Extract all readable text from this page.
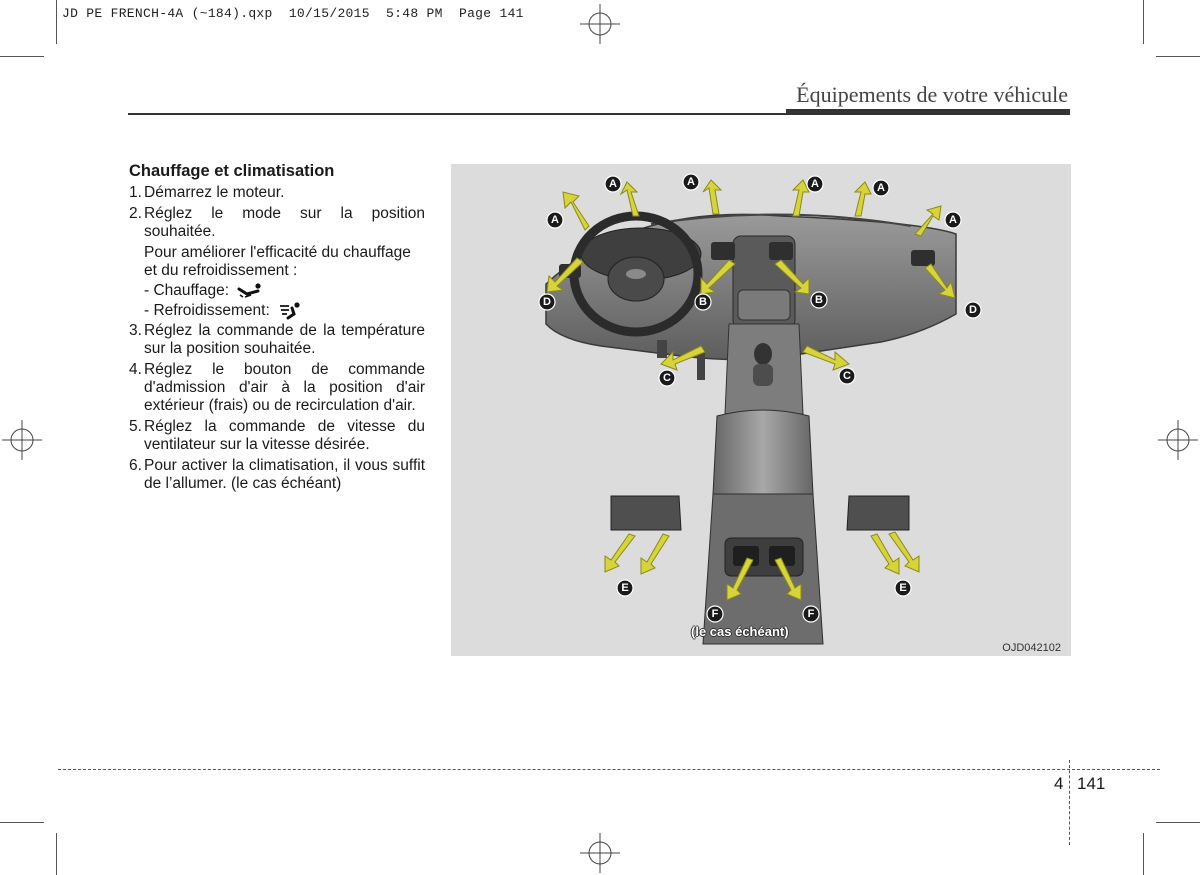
JD PE FRENCH-4A (~184).qxp  10/15/2015  5:48 PM  Page 141
Équipements de votre véhicule
Chauffage et climatisation
1. Démarrez le moteur.
2. Réglez le mode sur la position souhaitée.

Pour améliorer l'efficacité du chauffage et du refroidissement :

- Chauffage:

- Refroidissement:

3. Réglez la commande de la température sur la position souhaitée.
4. Réglez le bouton de commande d'admission d'air à la position d'air extérieur (frais) ou de recirculation d'air.
5. Réglez la commande de vitesse du ventilateur sur la vitesse désirée.
6. Pour activer la climatisation, il vous suffit de l’allumer. (le cas échéant)
A
A	A	A	A
A
B	B
C	C
D
D
E	E
F	F
(le cas échéant)
OJD042102
4 141
